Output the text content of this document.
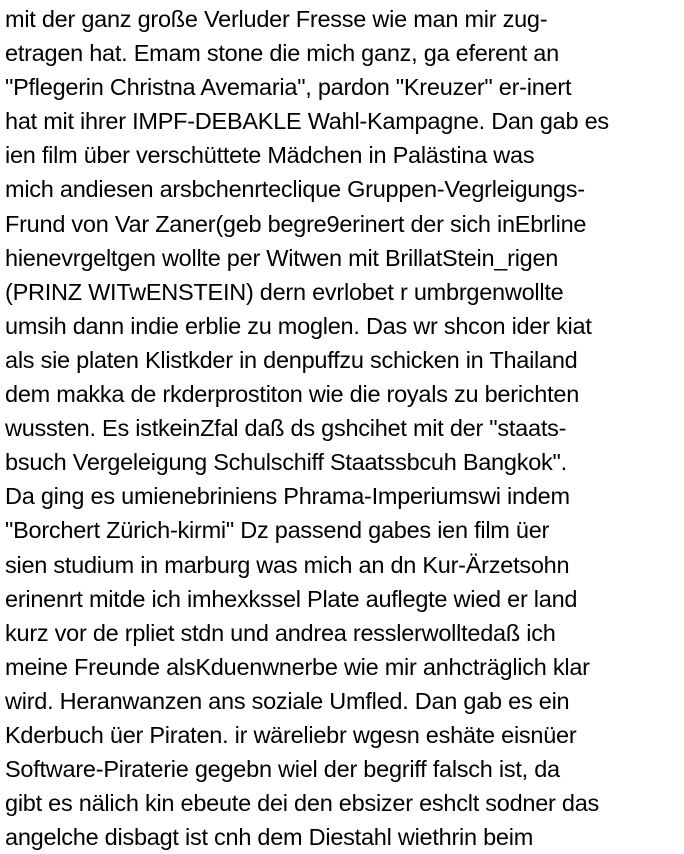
mit der ganz große Verluder Fresse wie man mir zug-
etragen hat. Emam stone die mich ganz, ga eferent an
"Pflegerin Christna Avemaria", pardon "Kreuzer" er-inert
hat mit ihrer IMPF-DEBAKLE Wahl-Kampagne. Dan gab es
ien film über verschüttete Mädchen in Palästina was
mich andiesen arsbchenrteclique Gruppen-Vegrleigungs-
Frund von Var Zaner(geb begre9erinert der sich inEbrline
hienevrgeltgen wollte per Witwen mit BrillatStein_rigen
(PRINZ WITwENSTEIN) dern evrlobet r umbrgenwollte
umsih dann indie erblie zu moglen. Das wr shcon ider kiat
als sie platen Klistkder in denpuffzu schicken in Thailand
dem makka de rkderprostiton wie die royals zu berichten
wussten. Es istkeinZfal daß ds gshcihet mit der "staats-
bsuch Vergeleigung Schulschiff Staatssbcuh Bangkok".
Da ging es umienebriniens Phrama-Imperiumswi indem
"Borchert Zürich-kirmi" Dz passend gabes ien film üer
sien studium in marburg was mich an dn Kur-Ärzetsohn
erinenrt mitde ich imhexkssel Plate auflegte wied er land
kurz vor de rpliet stdn und andrea resslerwolltedaß ich
meine Freunde alsKduenwnerbe wie mir anhcträglich klar
wird. Heranwanzen ans soziale Umfled. Dan gab es ein
Kderbuch üer Piraten. ir wäreliebr wgesn eshäte eisnüer
Software-Piraterie gegebn wiel der begriff falsch ist, da
gibt es nälich kin ebeute dei den ebsizer eshclt sodner das
angelche disbagt ist cnh dem Diestahl wiethrin beim
